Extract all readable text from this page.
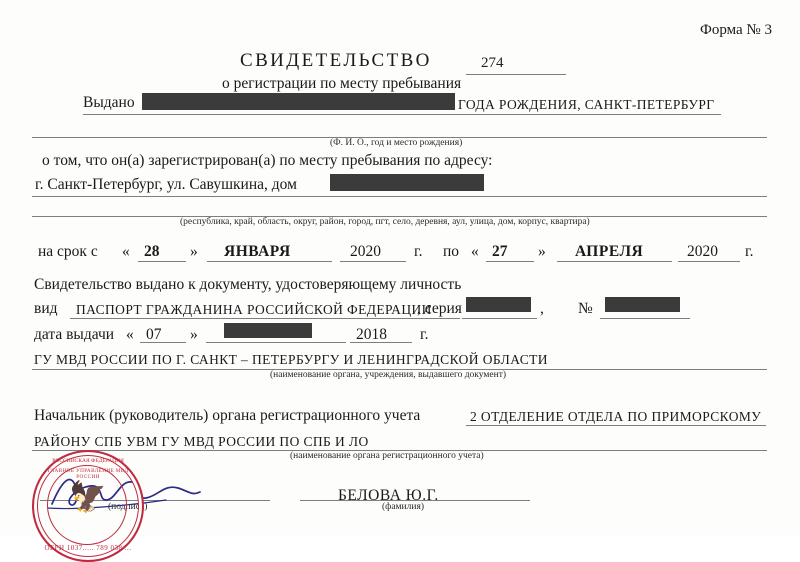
Форма № 3
СВИДЕТЕЛЬСТВО	274
о регистрации по месту пребывания
Выдано	ГОДА РОЖДЕНИЯ, САНКТ-ПЕТЕРБУРГ
(Ф. И. О., год и место рождения)
о том, что он(а) зарегистрирован(а) по месту пребывания по адресу:
г. Санкт-Петербург, ул. Савушкина, дом
(республика, край, область, округ, район, город, пгт, село, деревня, аул, улица, дом, корпус, квартира)
на срок с « 28 » ЯНВАРЯ	2020 г. по « 27 » АПРЕЛЯ	2020 г.
Свидетельство выдано к документу, удостоверяющему личность
вид ПАСПОРТ ГРАЖДАНИНА РОССИЙСКОЙ ФЕДЕРАЦИИ
, серия	, №
дата выдачи « 07 »	2018 г.
ГУ МВД РОССИИ ПО Г. САНКТ – ПЕТЕРБУРГУ И ЛЕНИНГРАДСКОЙ ОБЛАСТИ
(наименование органа, учреждения, выдавшего документ)
Начальник (руководитель) органа регистрационного учета	2 ОТДЕЛЕНИЕ ОТДЕЛА ПО ПРИМОРСКОМУ
РАЙОНУ СПБ УВМ ГУ МВД РОССИИ ПО СПБ И ЛО
(наименование органа регистрационного учета)
(подпись)
БЕЛОВА Ю.Г.
(фамилия)
РОССИЙСКАЯ ФЕДЕРАЦИЯ
ГЛАВНОЕ УПРАВЛЕНИЕ МВД РОССИИ
🦅
ОГРН 1037..... 789 038 ...
